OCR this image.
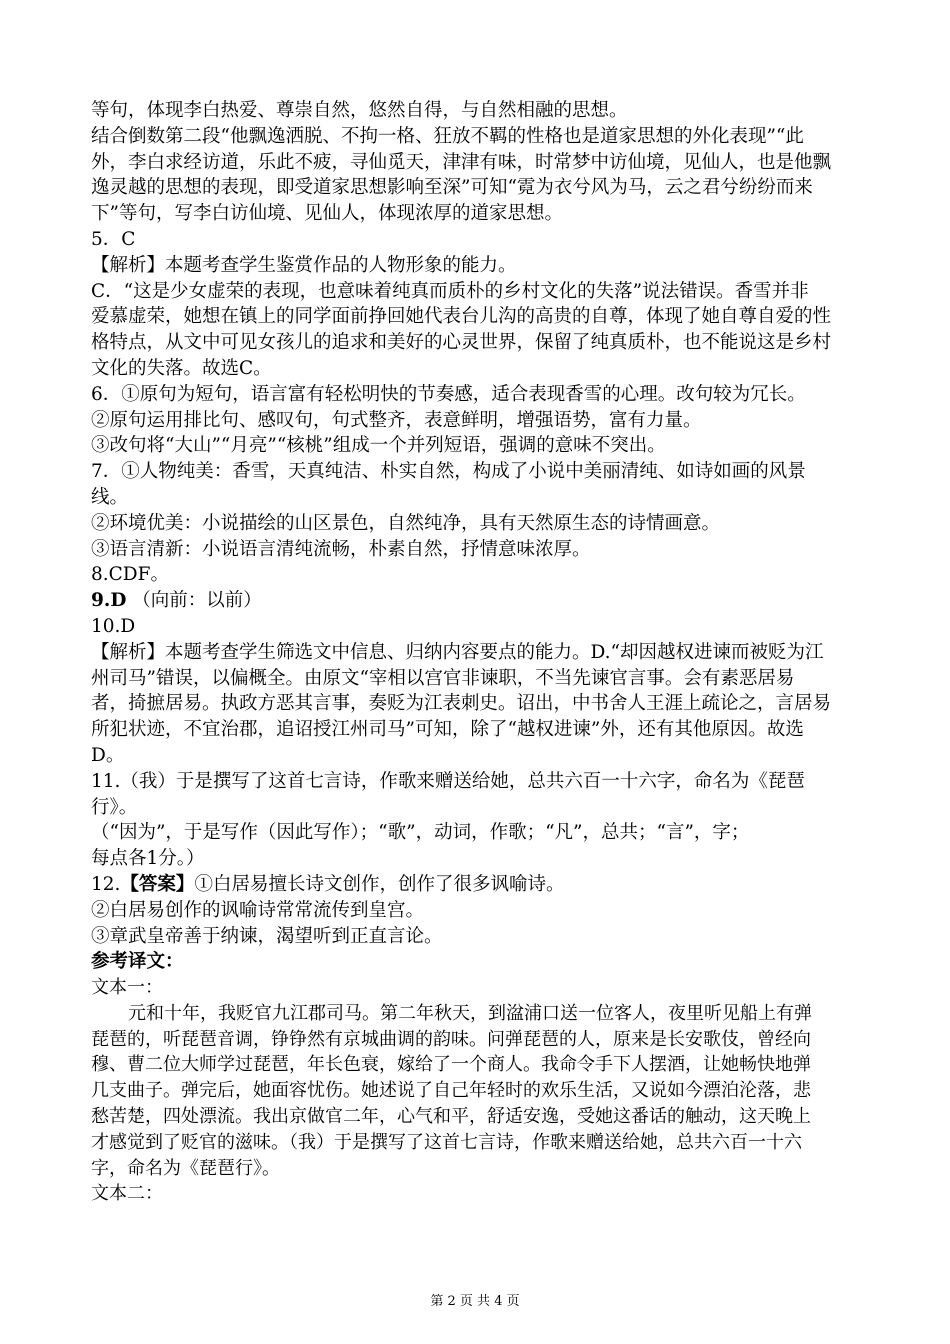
等句，体现李白热爱、尊崇自然，悠然自得，与自然相融的思想。
结合倒数第二段“他飘逸洒脱、不拘一格、狂放不羁的性格也是道家思想的外化表现”“此
外，李白求经访道，乐此不疲，寻仙觅天，津津有味，时常梦中访仙境，见仙人，也是他飘
逸灵越的思想的表现，即受道家思想影响至深”可知“霓为衣兮风为马，云之君兮纷纷而来
下”等句，写李白访仙境、见仙人，体现浓厚的道家思想。
5．C
【解析】本题考查学生鉴赏作品的人物形象的能力。
C．“这是少女虚荣的表现，也意味着纯真而质朴的乡村文化的失落”说法错误。香雪并非
爱慕虚荣，她想在镇上的同学面前挣回她代表台儿沟的高贵的自尊，体现了她自尊自爱的性
格特点，从文中可见女孩儿的追求和美好的心灵世界，保留了纯真质朴，也不能说这是乡村
文化的失落。故选C。
6．①原句为短句，语言富有轻松明快的节奏感，适合表现香雪的心理。改句较为冗长。
②原句运用排比句、感叹句，句式整齐，表意鲜明，增强语势，富有力量。
③改句将“大山”“月亮”“核桃”组成一个并列短语，强调的意味不突出。
7．①人物纯美：香雪，天真纯洁、朴实自然，构成了小说中美丽清纯、如诗如画的风景
线。
②环境优美：小说描绘的山区景色，自然纯净，具有天然原生态的诗情画意。
③语言清新：小说语言清纯流畅，朴素自然，抒情意味浓厚。
8.CDF。
9.D （向前：以前）
10.D
【解析】本题考查学生筛选文中信息、归纳内容要点的能力。D.“却因越权进谏而被贬为江
州司马”错误，以偏概全。由原文“宰相以宫官非谏职，不当先谏官言事。会有素恶居易
者，掎摭居易。执政方恶其言事，奏贬为江表刺史。诏出，中书舍人王涯上疏论之，言居易
所犯状迹，不宜治郡，追诏授江州司马”可知，除了“越权进谏”外，还有其他原因。故选
D。
11.（我）于是撰写了这首七言诗，作歌来赠送给她，总共六百一十六字，命名为《琵琶
行》。
（“因为”，于是写作（因此写作）；“歌”，动词，作歌；“凡”，总共；“言”，字；
每点各1分。）
12.【答案】①白居易擅长诗文创作，创作了很多讽喻诗。
②白居易创作的讽喻诗常常流传到皇宫。
③章武皇帝善于纳谏，渴望听到正直言论。
参考译文：
文本一：
元和十年，我贬官九江郡司马。第二年秋天，到湓浦口送一位客人，夜里听见船上有弹
琵琶的，听琵琶音调，铮铮然有京城曲调的韵味。问弹琵琶的人，原来是长安歌伎，曾经向
穆、曹二位大师学过琵琶，年长色衰，嫁给了一个商人。我命令手下人摆酒，让她畅快地弹
几支曲子。弹完后，她面容忧伤。她述说了自己年轻时的欢乐生活，又说如今漂泊沦落，悲
愁苦楚，四处漂流。我出京做官二年，心气和平，舒适安逸，受她这番话的触动，这天晚上
才感觉到了贬官的滋味。（我）于是撰写了这首七言诗，作歌来赠送给她，总共六百一十六
字，命名为《琵琶行》。
文本二：
第 2 页 共 4 页
